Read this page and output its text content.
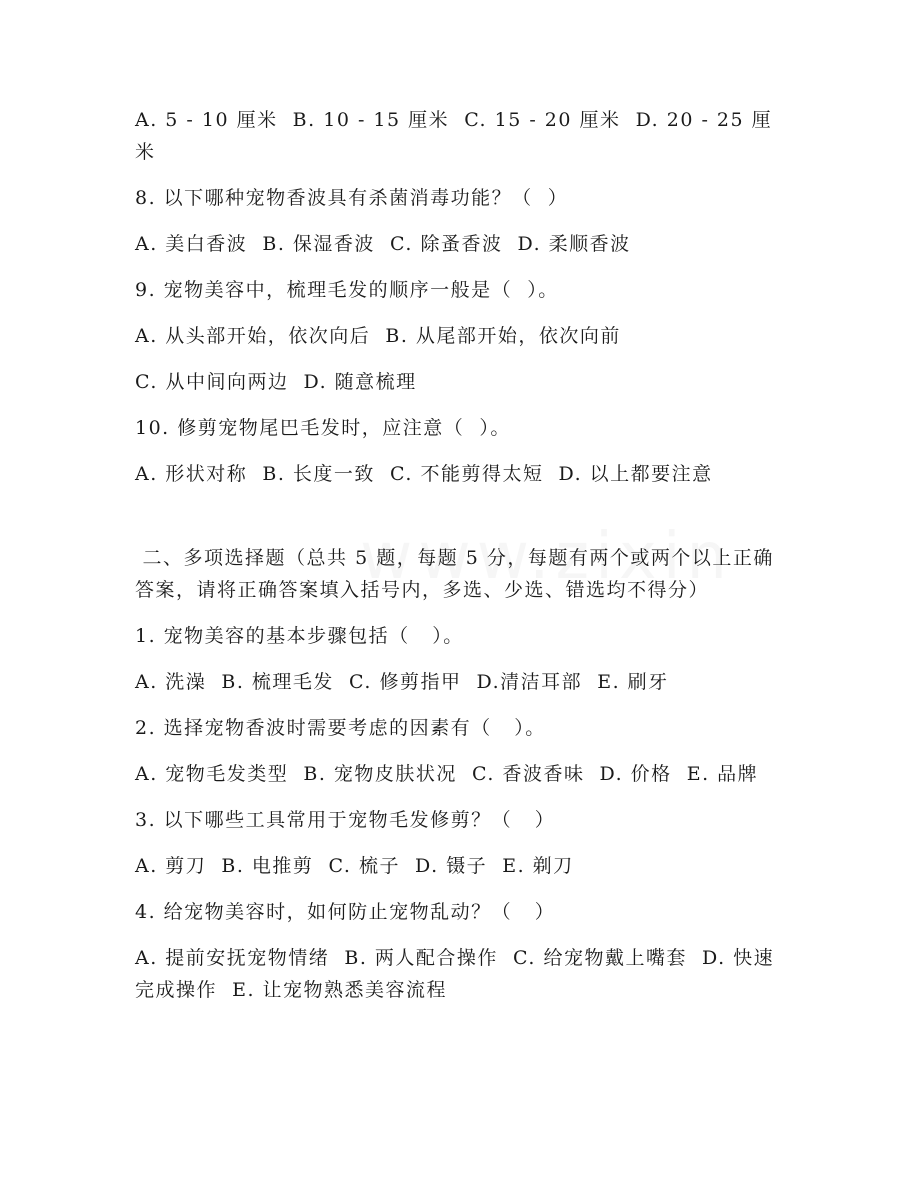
A. 5 - 10 厘米  B. 10 - 15 厘米  C. 15 - 20 厘米  D. 20 - 25 厘米

8. 以下哪种宠物香波具有杀菌消毒功能？（  ）

A. 美白香波  B. 保湿香波  C. 除蚤香波  D. 柔顺香波

9. 宠物美容中，梳理毛发的顺序一般是（  ）。

A. 从头部开始，依次向后  B. 从尾部开始，依次向前

C. 从中间向两边  D. 随意梳理

10. 修剪宠物尾巴毛发时，应注意（  ）。

A. 形状对称  B. 长度一致  C. 不能剪得太短  D. 以上都要注意

二、多项选择题（总共 5 题，每题 5 分，每题有两个或两个以上正确答案，请将正确答案填入括号内，多选、少选、错选均不得分）

1. 宠物美容的基本步骤包括（   ）。

A. 洗澡  B. 梳理毛发  C. 修剪指甲  D.清洁耳部  E. 刷牙

2. 选择宠物香波时需要考虑的因素有（   ）。

A. 宠物毛发类型  B. 宠物皮肤状况  C. 香波香味  D. 价格  E. 品牌

3. 以下哪些工具常用于宠物毛发修剪？（   ）

A. 剪刀  B. 电推剪  C. 梳子  D. 镊子  E. 剃刀

4. 给宠物美容时，如何防止宠物乱动？（   ）

A. 提前安抚宠物情绪  B. 两人配合操作  C. 给宠物戴上嘴套  D. 快速完成操作  E. 让宠物熟悉美容流程
